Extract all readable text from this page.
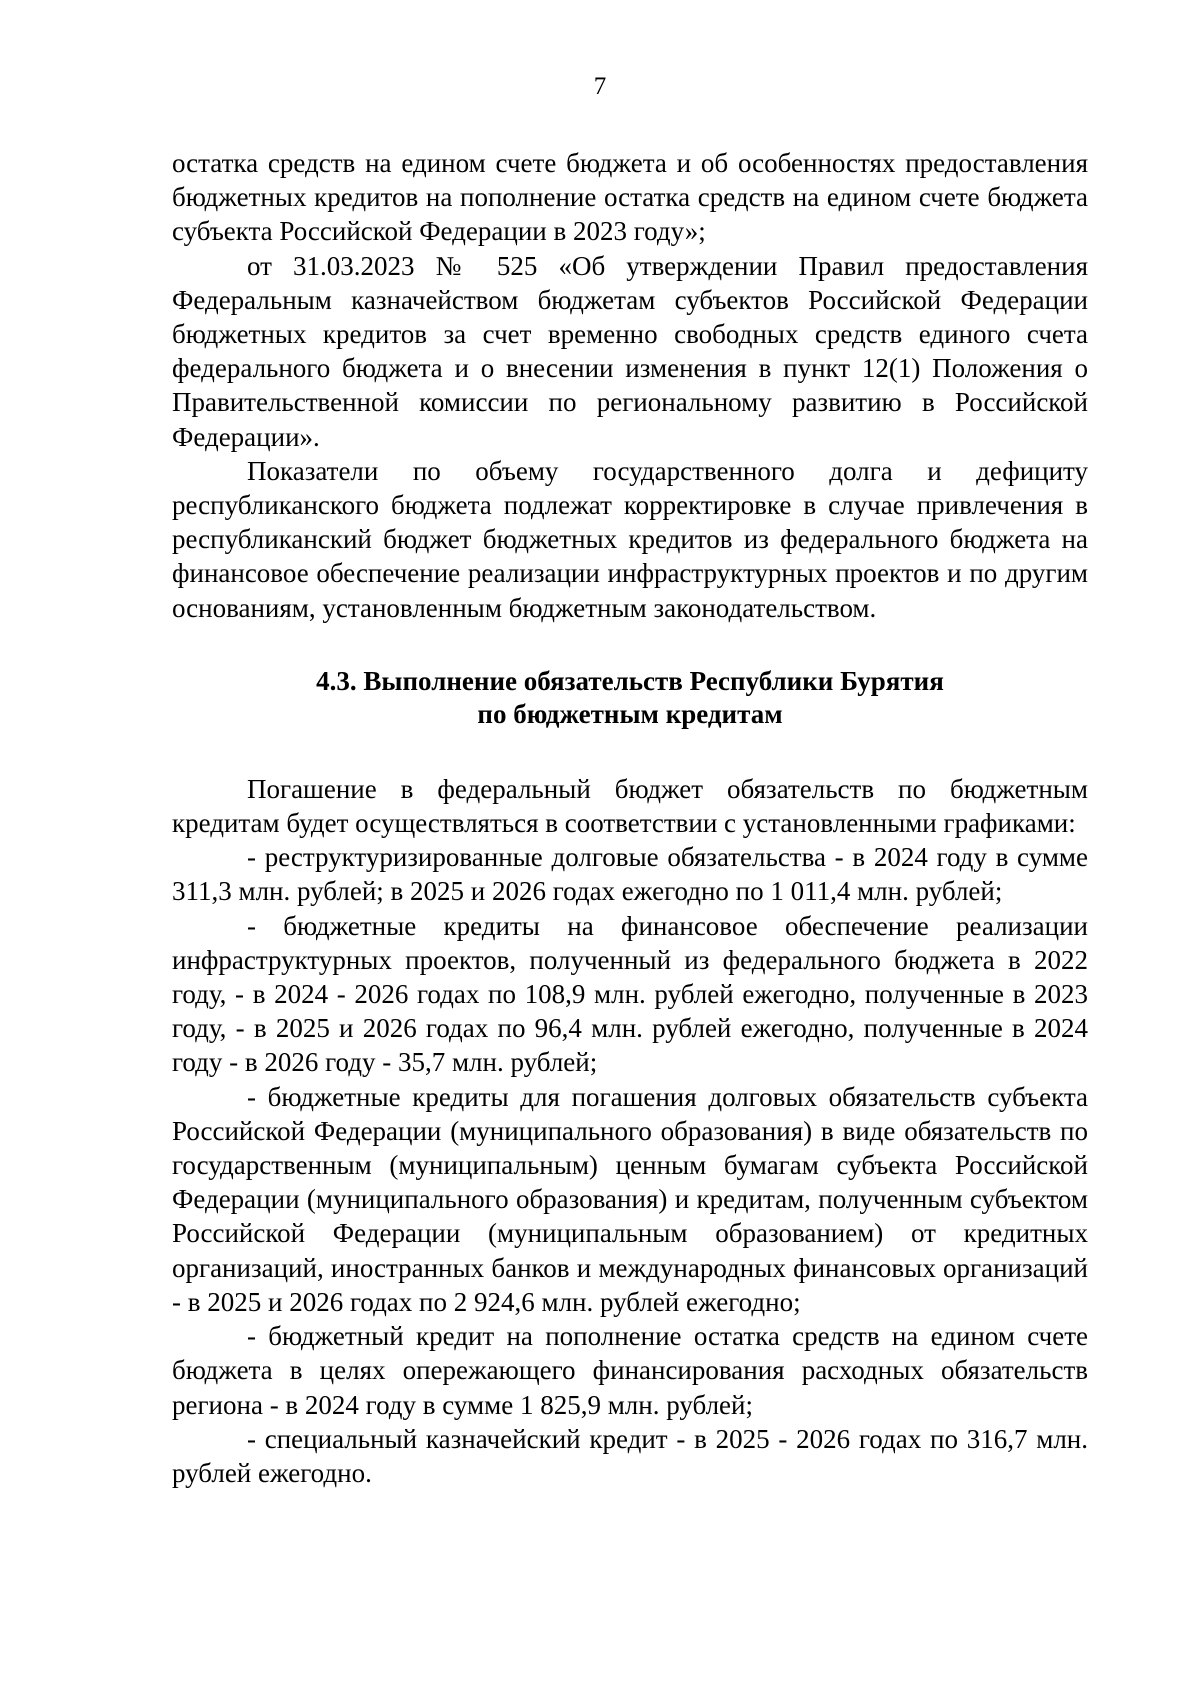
7

остатка средств на едином счете бюджета и об особенностях предоставления бюджетных кредитов на пополнение остатка средств на едином счете бюджета субъекта Российской Федерации в 2023 году»;

от 31.03.2023 № 525 «Об утверждении Правил предоставления Федеральным казначейством бюджетам субъектов Российской Федерации бюджетных кредитов за счет временно свободных средств единого счета федерального бюджета и о внесении изменения в пункт 12(1) Положения о Правительственной комиссии по региональному развитию в Российской Федерации».

Показатели по объему государственного долга и дефициту республиканского бюджета подлежат корректировке в случае привлечения в республиканский бюджет бюджетных кредитов из федерального бюджета на финансовое обеспечение реализации инфраструктурных проектов и по другим основаниям, установленным бюджетным законодательством.

4.3. Выполнение обязательств Республики Бурятия
по бюджетным кредитам

Погашение в федеральный бюджет обязательств по бюджетным кредитам будет осуществляться в соответствии с установленными графиками:

- реструктуризированные долговые обязательства - в 2024 году в сумме 311,3 млн. рублей; в 2025 и 2026 годах ежегодно по 1 011,4 млн. рублей;

- бюджетные кредиты на финансовое обеспечение реализации инфраструктурных проектов, полученный из федерального бюджета в 2022 году, - в 2024 - 2026 годах по 108,9 млн. рублей ежегодно, полученные в 2023 году, - в 2025 и 2026 годах по 96,4 млн. рублей ежегодно, полученные в 2024 году - в 2026 году - 35,7 млн. рублей;

- бюджетные кредиты для погашения долговых обязательств субъекта Российской Федерации (муниципального образования) в виде обязательств по государственным (муниципальным) ценным бумагам субъекта Российской Федерации (муниципального образования) и кредитам, полученным субъектом Российской Федерации (муниципальным образованием) от кредитных организаций, иностранных банков и международных финансовых организаций - в 2025 и 2026 годах по 2 924,6 млн. рублей ежегодно;

- бюджетный кредит на пополнение остатка средств на едином счете бюджета в целях опережающего финансирования расходных обязательств региона - в 2024 году в сумме 1 825,9 млн. рублей;

- специальный казначейский кредит - в 2025 - 2026 годах по 316,7 млн. рублей ежегодно.
